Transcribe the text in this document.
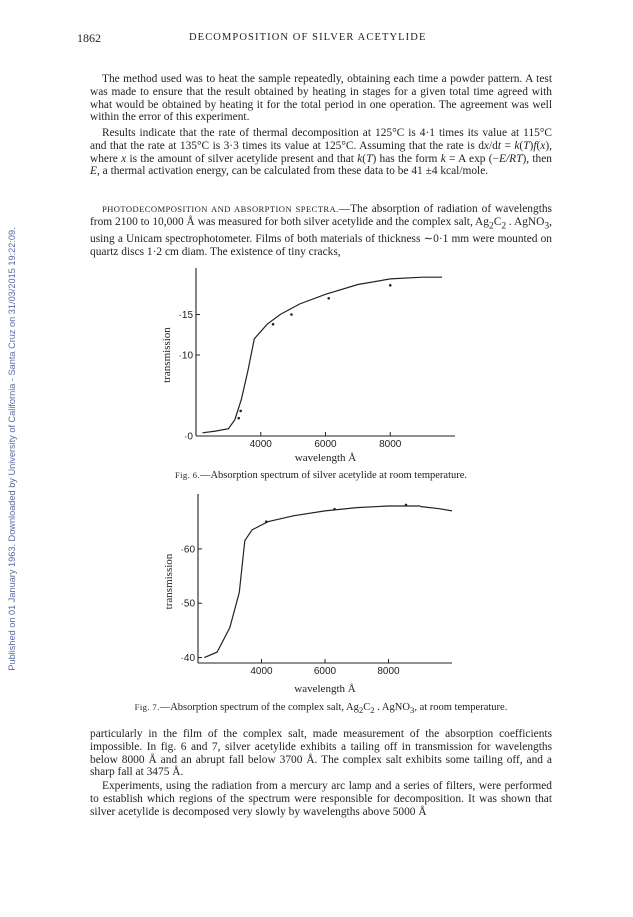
Published on 01 January 1963. Downloaded by University of California - Santa Cruz on 31/03/2015 19:22:09.
1862	DECOMPOSITION OF SILVER ACETYLIDE

The method used was to heat the sample repeatedly, obtaining each time a powder pattern. A test was made to ensure that the result obtained by heating in stages for a given total time agreed with what would be obtained by heating it for the total period in one operation. The agreement was well within the error of this experiment.

Results indicate that the rate of thermal decomposition at 125°C is 4·1 times its value at 115°C and that the rate at 135°C is 3·3 times its value at 125°C. Assuming that the rate is dx/dt = k(T)f(x), where x is the amount of silver acetylide present and that k(T) has the form k = A exp (−E/RT), then E, a thermal activation energy, can be calculated from these data to be 41 ±4 kcal/mole.

PHOTODECOMPOSITION AND ABSORPTION SPECTRA.—The absorption of radiation of wavelengths from 2100 to 10,000 Å was measured for both silver acetylide and the complex salt, $Ag_2C_2$ . AgNO$_3$, using a Unicam spectrophotometer. Films of both materials of thickness ∼0·1 mm were mounted on quartz discs 1·2 cm diam. The existence of tiny cracks,

4000	6000	8000
·0
·10
·15
wavelength Å
transmission
Fig. 6.—Absorption spectrum of silver acetylide at room temperature.
4000	6000	8000
·40
·50
·60
wavelength Å
transmission
Fig. 7.—Absorption spectrum of the complex salt, $Ag_2C_2$ . AgNO$_3$, at room temperature.

particularly in the film of the complex salt, made measurement of the absorption coefficients impossible. In fig. 6 and 7, silver acetylide exhibits a tailing off in transmission for wavelengths below 8000 Å and an abrupt fall below 3700 Å. The complex salt exhibits some tailing off, and a sharp fall at 3475 Å.

Experiments, using the radiation from a mercury arc lamp and a series of filters, were performed to establish which regions of the spectrum were responsible for decomposition. It was shown that silver acetylide is decomposed very slowly by wavelengths above 5000 Å
